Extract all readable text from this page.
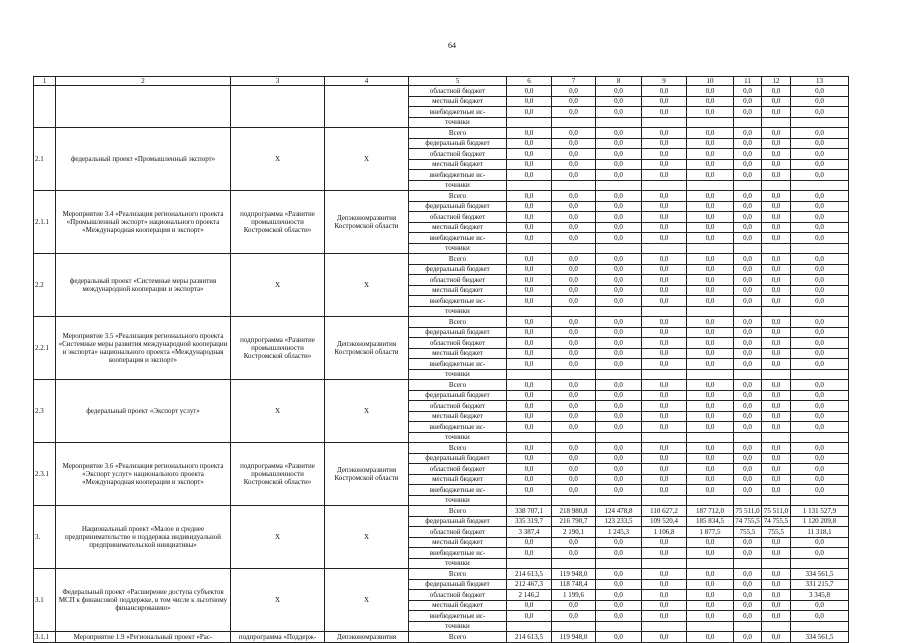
64
1	2	3	4	5	6	7	8	9	10	11	12	13
				областной бюджет	0,0	0,0	0,0	0,0	0,0	0,0	0,0	0,0
				местный бюджет	0,0	0,0	0,0	0,0	0,0	0,0	0,0	0,0
				внебюджетные ис-	0,0	0,0	0,0	0,0	0,0	0,0	0,0	0,0
				точники								
2.1	федеральный проект «Промышленный экспорт»	X	X	Всего	0,0	0,0	0,0	0,0	0,0	0,0	0,0	0,0
				федеральный бюджет	0,0	0,0	0,0	0,0	0,0	0,0	0,0	0,0
				областной бюджет	0,0	0,0	0,0	0,0	0,0	0,0	0,0	0,0
				местный бюджет	0,0	0,0	0,0	0,0	0,0	0,0	0,0	0,0
				внебюджетные ис-	0,0	0,0	0,0	0,0	0,0	0,0	0,0	0,0
				точники								
2.1.1	Мероприятие 3.4 «Реализация регионального проекта «Промышленный экспорт» национального проекта «Международная кооперация и экспорт»	подпрограмма «Развитие промышленности Костромской области»	Депэкономразвития Костромской области	Всего	0,0	0,0	0,0	0,0	0,0	0,0	0,0	0,0
				федеральный бюджет	0,0	0,0	0,0	0,0	0,0	0,0	0,0	0,0
				областной бюджет	0,0	0,0	0,0	0,0	0,0	0,0	0,0	0,0
				местный бюджет	0,0	0,0	0,0	0,0	0,0	0,0	0,0	0,0
				внебюджетные ис-	0,0	0,0	0,0	0,0	0,0	0,0	0,0	0,0
				точники								
2.2	федеральный проект «Системные меры развития международной кооперации и экспорта»	X	X	Всего	0,0	0,0	0,0	0,0	0,0	0,0	0,0	0,0
				федеральный бюджет	0,0	0,0	0,0	0,0	0,0	0,0	0,0	0,0
				областной бюджет	0,0	0,0	0,0	0,0	0,0	0,0	0,0	0,0
				местный бюджет	0,0	0,0	0,0	0,0	0,0	0,0	0,0	0,0
				внебюджетные ис-	0,0	0,0	0,0	0,0	0,0	0,0	0,0	0,0
				точники								
2.2.1	Мероприятие 3.5 «Реализация регионального проекта «Системные меры развития международной кооперации и экспорта» национального проекта «Международная кооперация и экспорт»	подпрограмма «Развитие промышленности Костромской области»	Депэкономразвития Костромской области	Всего	0,0	0,0	0,0	0,0	0,0	0,0	0,0	0,0
				федеральный бюджет	0,0	0,0	0,0	0,0	0,0	0,0	0,0	0,0
				областной бюджет	0,0	0,0	0,0	0,0	0,0	0,0	0,0	0,0
				местный бюджет	0,0	0,0	0,0	0,0	0,0	0,0	0,0	0,0
				внебюджетные ис-	0,0	0,0	0,0	0,0	0,0	0,0	0,0	0,0
				точники								
2.3	федеральный проект «Экспорт услуг»	X	X	Всего	0,0	0,0	0,0	0,0	0,0	0,0	0,0	0,0
				федеральный бюджет	0,0	0,0	0,0	0,0	0,0	0,0	0,0	0,0
				областной бюджет	0,0	0,0	0,0	0,0	0,0	0,0	0,0	0,0
				местный бюджет	0,0	0,0	0,0	0,0	0,0	0,0	0,0	0,0
				внебюджетные ис-	0,0	0,0	0,0	0,0	0,0	0,0	0,0	0,0
				точники								
2.3.1	Мероприятие 3.6 «Реализация регионального проекта «Экспорт услуг» национального проекта «Международная кооперация и экспорт»	подпрограмма «Развитие промышленности Костромской области»	Депэкономразвития Костромской области	Всего	0,0	0,0	0,0	0,0	0,0	0,0	0,0	0,0
				федеральный бюджет	0,0	0,0	0,0	0,0	0,0	0,0	0,0	0,0
				областной бюджет	0,0	0,0	0,0	0,0	0,0	0,0	0,0	0,0
				местный бюджет	0,0	0,0	0,0	0,0	0,0	0,0	0,0	0,0
				внебюджетные ис-	0,0	0,0	0,0	0,0	0,0	0,0	0,0	0,0
				точники								
3.	Национальный проект «Малое и среднее предпринимательство и поддержка индивидуальной предпринимательской инициативы»	X	X	Всего	338 707,1	218 980,8	124 478,8	110 627,2	187 712,0	75 511,0	75 511,0	1 131 527,9
				федеральный бюджет	335 319,7	216 790,7	123 233,5	109 520,4	185 834,5	74 755,5	74 755,5	1 120 209,8
				областной бюджет	3 387,4	2 190,1	1 245,3	1 106,8	1 877,5	755,5	755,5	11 318,1
				местный бюджет	0,0	0,0	0,0	0,0	0,0	0,0	0,0	0,0
				внебюджетные ис-	0,0	0,0	0,0	0,0	0,0	0,0	0,0	0,0
				точники								
3.1	Федеральный проект «Расширение доступа субъектов МСП к финансовой поддержке, в том числе к льготному финансированию»	X	X	Всего	214 613,5	119 948,0	0,0	0,0	0,0	0,0	0,0	334 561,5
				федеральный бюджет	212 467,3	118 748,4	0,0	0,0	0,0	0,0	0,0	331 215,7
				областной бюджет	2 146,2	1 199,6	0,0	0,0	0,0	0,0	0,0	3 345,8
				местный бюджет	0,0	0,0	0,0	0,0	0,0	0,0	0,0	0,0
				внебюджетные ис-	0,0	0,0	0,0	0,0	0,0	0,0	0,0	0,0
				точники								
3.1.1	Мероприятие 1.9 «Региональный проект «Рас-	подпрограмма «Поддерж-	Депэкономразвития	Всего	214 613,5	119 948,0	0,0	0,0	0,0	0,0	0,0	334 561,5
